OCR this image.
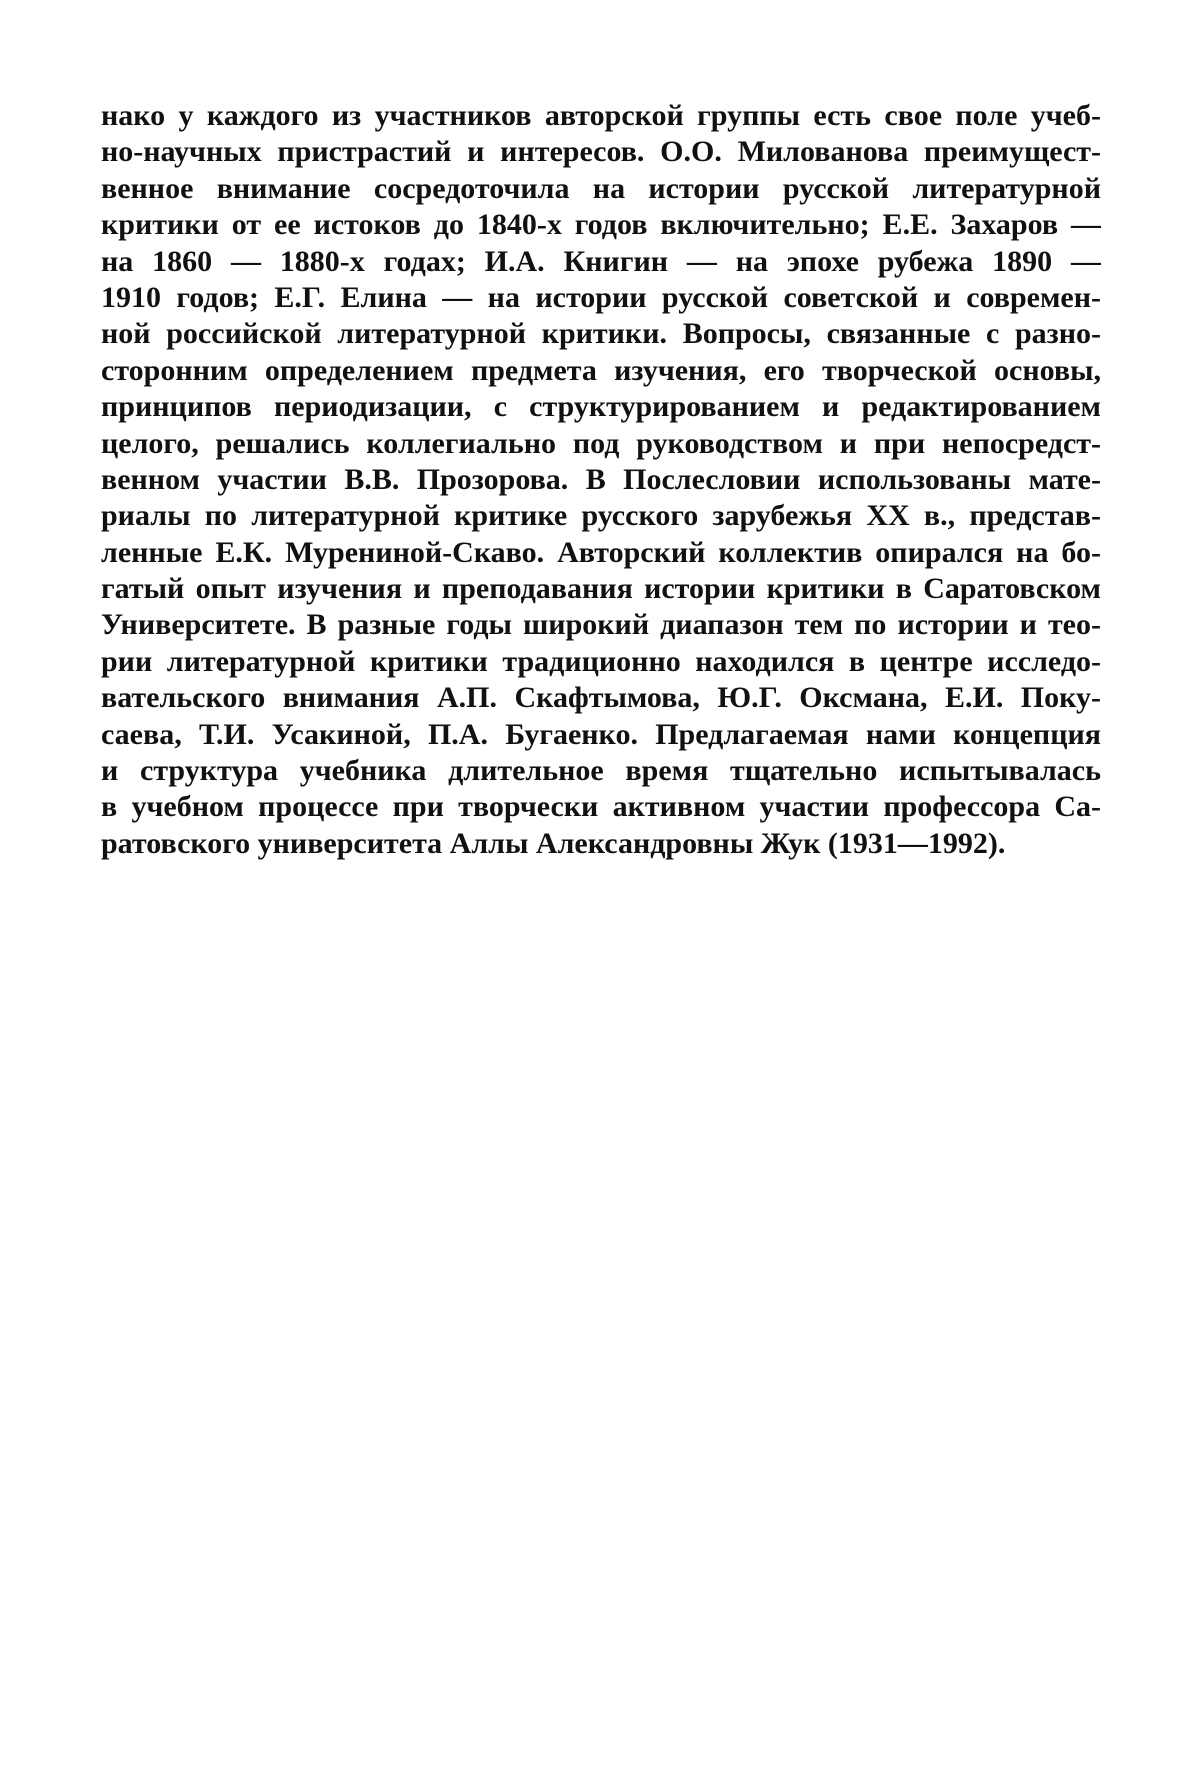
нако у каждого из участников авторской группы есть свое поле учеб-
но-научных пристрастий и интересов. О.О. Милованова преимущест-
венное внимание сосредоточила на истории русской литературной
критики от ее истоков до 1840-х годов включительно; Е.Е. Захаров —
на 1860 — 1880-х годах; И.А. Книгин — на эпохе рубежа 1890 —
1910 годов; Е.Г. Елина — на истории русской советской и современ-
ной российской литературной критики. Вопросы, связанные с разно-
сторонним определением предмета изучения, его творческой основы,
принципов периодизации, с структурированием и редактированием
целого, решались коллегиально под руководством и при непосредст-
венном участии В.В. Прозорова. В Послесловии использованы мате-
риалы по литературной критике русского зарубежья XX в., представ-
ленные Е.К. Мурениной-Скаво. Авторский коллектив опирался на бо-
гатый опыт изучения и преподавания истории критики в Саратовском
Университете. В разные годы широкий диапазон тем по истории и тео-
рии литературной критики традиционно находился в центре исследо-
вательского внимания А.П. Скафтымова, Ю.Г. Оксмана, Е.И. Поку-
саева, Т.И. Усакиной, П.А. Бугаенко. Предлагаемая нами концепция
и структура учебника длительное время тщательно испытывалась
в учебном процессе при творчески активном участии профессора Са-
ратовского университета Аллы Александровны Жук (1931—1992).
